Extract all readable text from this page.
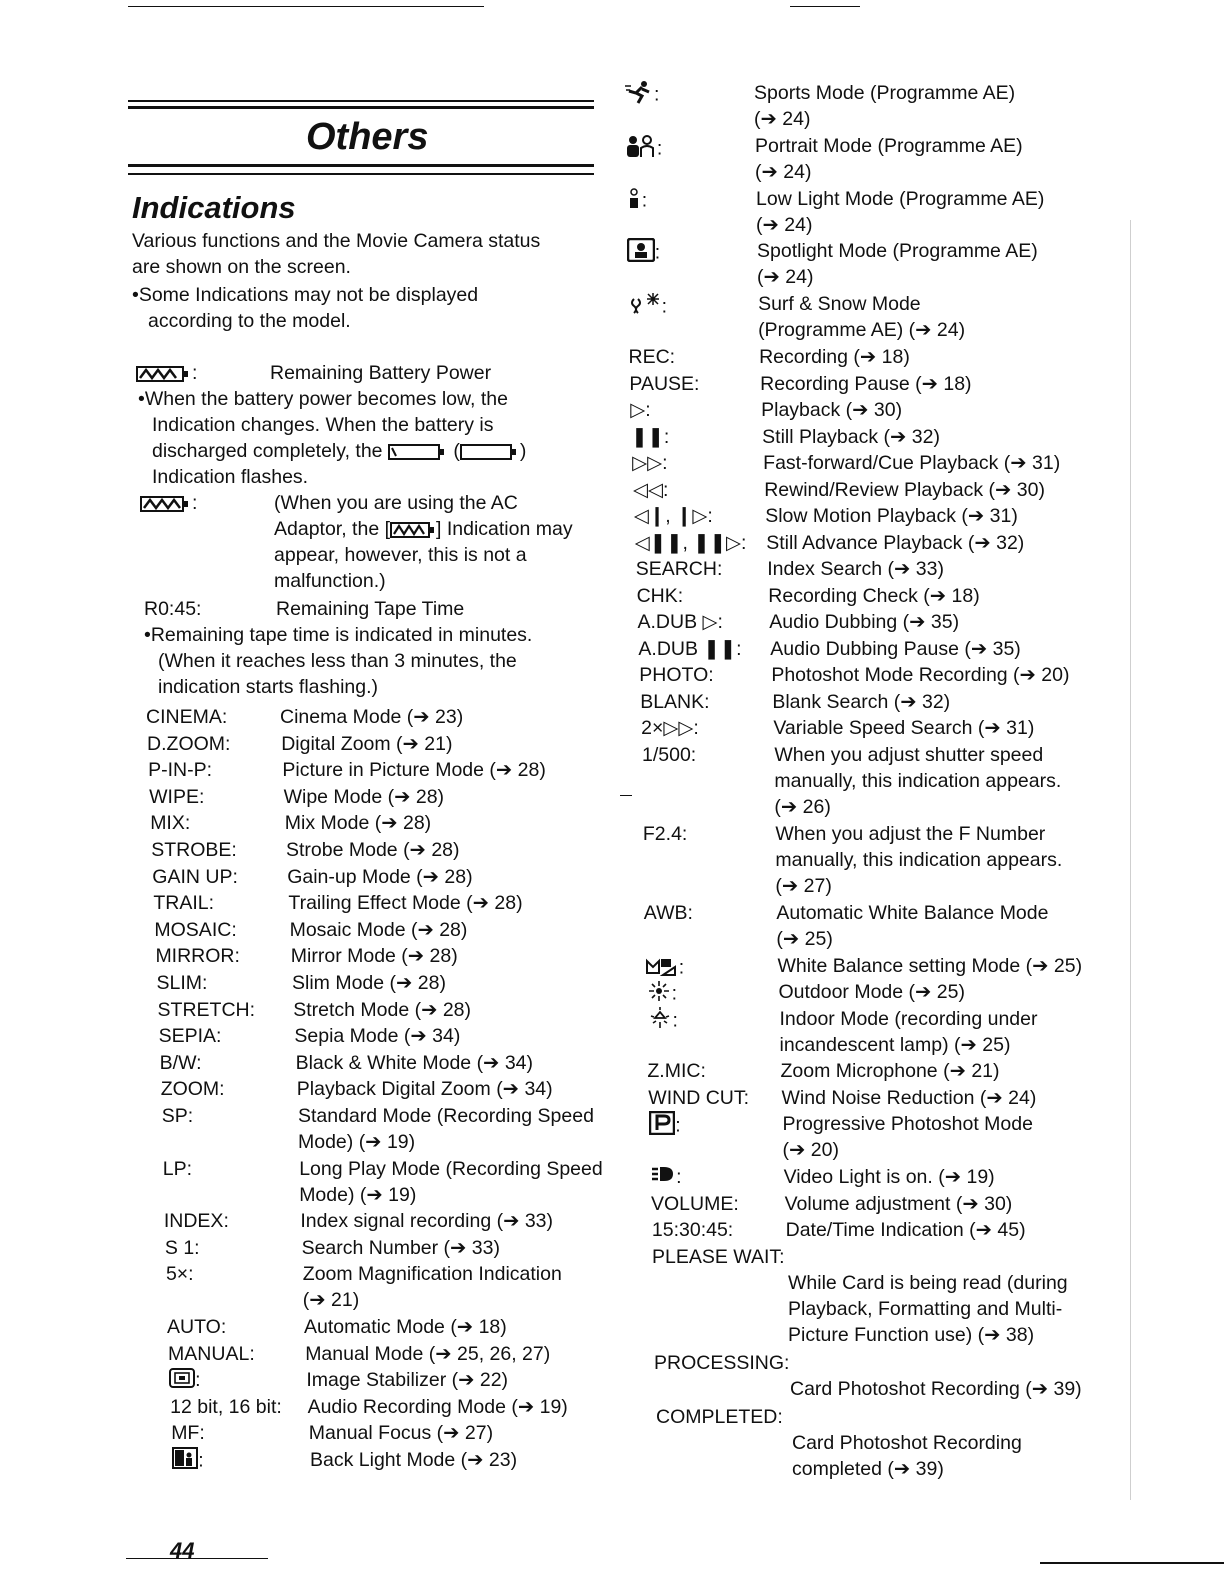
Others
Indications
Various functions and the Movie Camera status
are shown on the screen.
• Some Indications may not be displayed
according to the model.
:	Remaining Battery Power
• When the battery power becomes low, the
Indication changes. When the battery is
discharged completely, the	(	)
Indication flashes.
:	(When you are using the AC
Adaptor, the [ ] Indication may
appear, however, this is not a
malfunction.)
R0:45:	Remaining Tape Time
• Remaining tape time is indicated in minutes.
(When it reaches less than 3 minutes, the
indication starts flashing.)
CINEMA:	Cinema Mode (➔ 23)
D.ZOOM:	Digital Zoom (➔ 21)
P-IN-P:	Picture in Picture Mode (➔ 28)
WIPE:	Wipe Mode (➔ 28)
MIX:	Mix Mode (➔ 28)
STROBE:	Strobe Mode (➔ 28)
GAIN UP:	Gain-up Mode (➔ 28)
TRAIL:	Trailing Effect Mode (➔ 28)
MOSAIC:	Mosaic Mode (➔ 28)
MIRROR:	Mirror Mode (➔ 28)
SLIM:	Slim Mode (➔ 28)
STRETCH: Stretch Mode (➔ 28)
SEPIA:	Sepia Mode (➔ 34)
B/W:	Black & White Mode (➔ 34)
ZOOM:	Playback Digital Zoom (➔ 34)
SP:	Standard Mode (Recording Speed
Mode) (➔ 19)
LP:	Long Play Mode (Recording Speed
Mode) (➔ 19)
INDEX:	Index signal recording (➔ 33)
S 1:	Search Number (➔ 33)
5×:	Zoom Magnification Indication
(➔ 21)
AUTO:	Automatic Mode (➔ 18)
MANUAL:	Manual Mode (➔ 25, 26, 27)
:	Image Stabilizer (➔ 22)
12 bit, 16 bit: Audio Recording Mode (➔ 19)
MF:	Manual Focus (➔ 27)
:	Back Light Mode (➔ 23)
:	Sports Mode (Programme AE)
(➔ 24)
:	Portrait Mode (Programme AE)
(➔ 24)
:	Low Light Mode (Programme AE)
(➔ 24)
:	Spotlight Mode (Programme AE)
(➔ 24)
:	Surf & Snow Mode
(Programme AE) (➔ 24)
REC:	Recording (➔ 18)
PAUSE:	Recording Pause (➔ 18)
▷:	Playback (➔ 30)
❚❚:	Still Playback (➔ 32)
▷▷:	Fast-forward/Cue Playback (➔ 31)
◁◁:	Rewind/Review Playback (➔ 30)
◁❙, ❙▷:	Slow Motion Playback (➔ 31)
◁❚❚, ❚❚▷: Still Advance Playback (➔ 32)
SEARCH: Index Search (➔ 33)
CHK:	Recording Check (➔ 18)
A.DUB ▷: Audio Dubbing (➔ 35)
A.DUB ❚❚: Audio Dubbing Pause (➔ 35)
PHOTO:	Photoshot Mode Recording (➔ 20)
BLANK:	Blank Search (➔ 32)
2×▷▷:	Variable Speed Search (➔ 31)
1/500:	When you adjust shutter speed
manually, this indication appears.
(➔ 26)
F2.4:	When you adjust the F Number
manually, this indication appears.
(➔ 27)
AWB:	Automatic White Balance Mode
(➔ 25)
:	White Balance setting Mode (➔ 25)
:	Outdoor Mode (➔ 25)
:	Indoor Mode (recording under
incandescent lamp) (➔ 25)
Z.MIC:	Zoom Microphone (➔ 21)
WIND CUT: Wind Noise Reduction (➔ 24)
:	Progressive Photoshot Mode
(➔ 20)
:	Video Light is on. (➔ 19)
VOLUME: Volume adjustment (➔ 30)
15:30:45:	Date/Time Indication (➔ 45)
PLEASE WAIT:
While Card is being read (during
Playback, Formatting and Multi-
Picture Function use) (➔ 38)
PROCESSING:
Card Photoshot Recording (➔ 39)
COMPLETED:
Card Photoshot Recording
completed (➔ 39)
44
